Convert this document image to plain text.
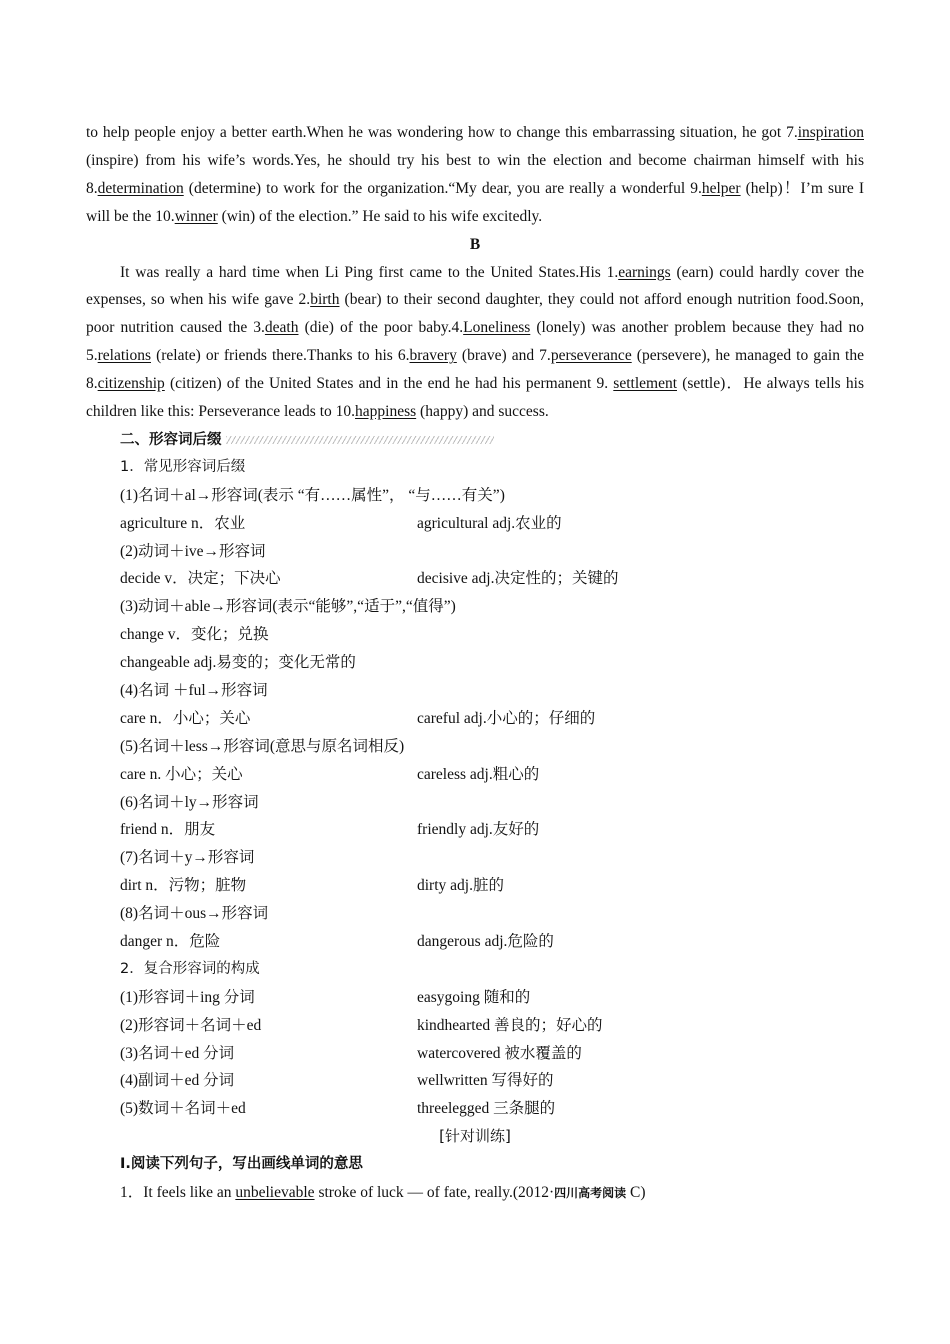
to help people enjoy a better earth.When he was wondering how to change this embarrassing situation, he got 7.inspiration (inspire) from his wife’s words.Yes, he should try his best to win the election and become chairman himself with his 8.determination (determine) to work for the organization.“My dear, you are really a wonderful 9.helper (help)！I’m sure I will be the 10.winner (win) of the election.” He said to his wife excitedly.

B

It was really a hard time when Li Ping first came to the United States.His 1.earnings (earn) could hardly cover the expenses, so when his wife gave 2.birth (bear) to their second daughter, they could not afford enough nutrition food.Soon, poor nutrition caused the 3.death (die) of the poor baby.4.Loneliness (lonely) was another problem because they had no 5.relations (relate) or friends there.Thanks to his 6.bravery (brave) and 7.perseverance (persevere), he managed to gain the 8.citizenship (citizen) of the United States and in the end he had his permanent 9. settlement (settle)．He always tells his children like this: Perseverance leads to 10.happiness (happy) and success.

二、形容词后缀
1．常见形容词后缀
(1)名词＋al→形容词(表示 “有……属性”， “与……有关”)
agriculture n．农业	agricultural adj.农业的
(2)动词＋ive→形容词
decide v．决定；下决心	decisive adj.决定性的；关键的
(3)动词＋able→形容词(表示“能够”,“适于”,“值得”)
change v．变化；兑换
changeable adj.易变的；变化无常的
(4)名词 ＋ful→形容词
care n．小心；关心	careful adj.小心的；仔细的
(5)名词＋less→形容词(意思与原名词相反)
care n. 小心；关心	careless adj.粗心的
(6)名词＋ly→形容词
friend n．朋友	friendly adj.友好的
(7)名词＋y→形容词
dirt n．污物；脏物	dirty adj.脏的
(8)名词＋ous→形容词
danger n．危险	dangerous adj.危险的
2．复合形容词的构成
(1)形容词＋ing 分词	easygoing 随和的
(2)形容词＋名词＋ed	kindhearted 善良的；好心的
(3)名词＋ed 分词	watercovered 被水覆盖的
(4)副词＋ed 分词	wellwritten 写得好的
(5)数词＋名词＋ed	threelegged 三条腿的
[针对训练]
Ⅰ.阅读下列句子，写出画线单词的意思
1．It feels like an unbelievable stroke of luck — of fate, really.(2012·四川高考阅读 C)
